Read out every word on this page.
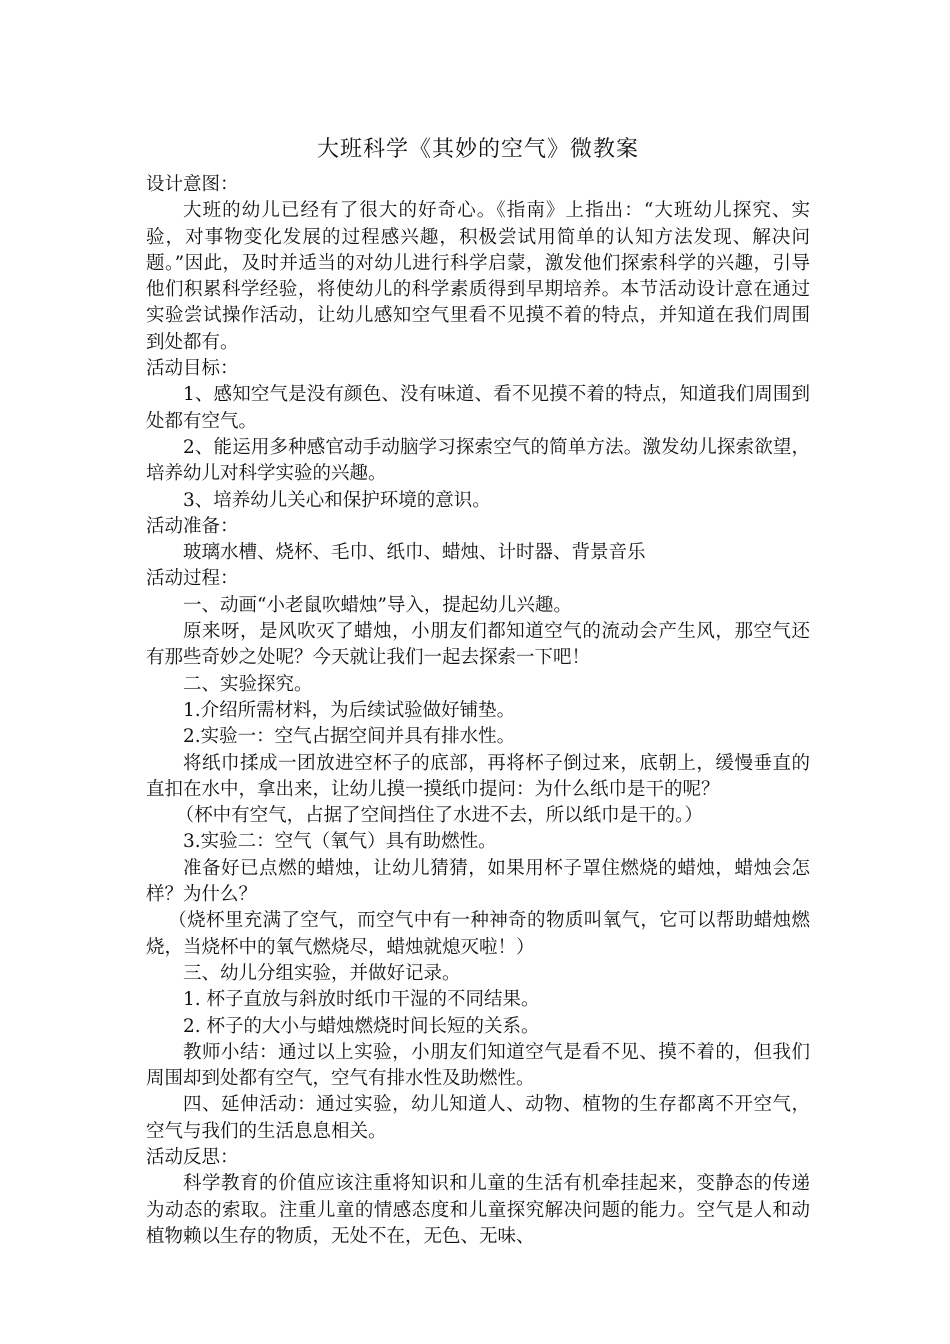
大班科学《其妙的空气》微教案
设计意图：
大班的幼儿已经有了很大的好奇心。《指南》上指出：“大班幼儿探究、实验，对事物变化发展的过程感兴趣，积极尝试用简单的认知方法发现、解决问题。”因此，及时并适当的对幼儿进行科学启蒙，激发他们探索科学的兴趣，引导他们积累科学经验，将使幼儿的科学素质得到早期培养。本节活动设计意在通过实验尝试操作活动，让幼儿感知空气里看不见摸不着的特点，并知道在我们周围到处都有。
活动目标：
1、感知空气是没有颜色、没有味道、看不见摸不着的特点，知道我们周围到处都有空气。
2、能运用多种感官动手动脑学习探索空气的简单方法。激发幼儿探索欲望，培养幼儿对科学实验的兴趣。
3、培养幼儿关心和保护环境的意识。
活动准备：
玻璃水槽、烧杯、毛巾、纸巾、蜡烛、计时器、背景音乐
活动过程：
一、动画“小老鼠吹蜡烛”导入，提起幼儿兴趣。
原来呀，是风吹灭了蜡烛，小朋友们都知道空气的流动会产生风，那空气还有那些奇妙之处呢？今天就让我们一起去探索一下吧！
二、实验探究。
1.介绍所需材料，为后续试验做好铺垫。
2.实验一：空气占据空间并具有排水性。
将纸巾揉成一团放进空杯子的底部，再将杯子倒过来，底朝上，缓慢垂直的直扣在水中，拿出来，让幼儿摸一摸纸巾提问：为什么纸巾是干的呢？
（杯中有空气，占据了空间挡住了水进不去，所以纸巾是干的。）
3.实验二：空气（氧气）具有助燃性。
准备好已点燃的蜡烛，让幼儿猜猜，如果用杯子罩住燃烧的蜡烛，蜡烛会怎样？为什么？
（烧杯里充满了空气，而空气中有一种神奇的物质叫氧气，它可以帮助蜡烛燃烧，当烧杯中的氧气燃烧尽，蜡烛就熄灭啦！）
三、幼儿分组实验，并做好记录。
1. 杯子直放与斜放时纸巾干湿的不同结果。
2. 杯子的大小与蜡烛燃烧时间长短的关系。
教师小结：通过以上实验，小朋友们知道空气是看不见、摸不着的，但我们周围却到处都有空气，空气有排水性及助燃性。
四、延伸活动：通过实验，幼儿知道人、动物、植物的生存都离不开空气，空气与我们的生活息息相关。
活动反思：
科学教育的价值应该注重将知识和儿童的生活有机牵挂起来，变静态的传递为动态的索取。注重儿童的情感态度和儿童探究解决问题的能力。空气是人和动植物赖以生存的物质，无处不在，无色、无味、
